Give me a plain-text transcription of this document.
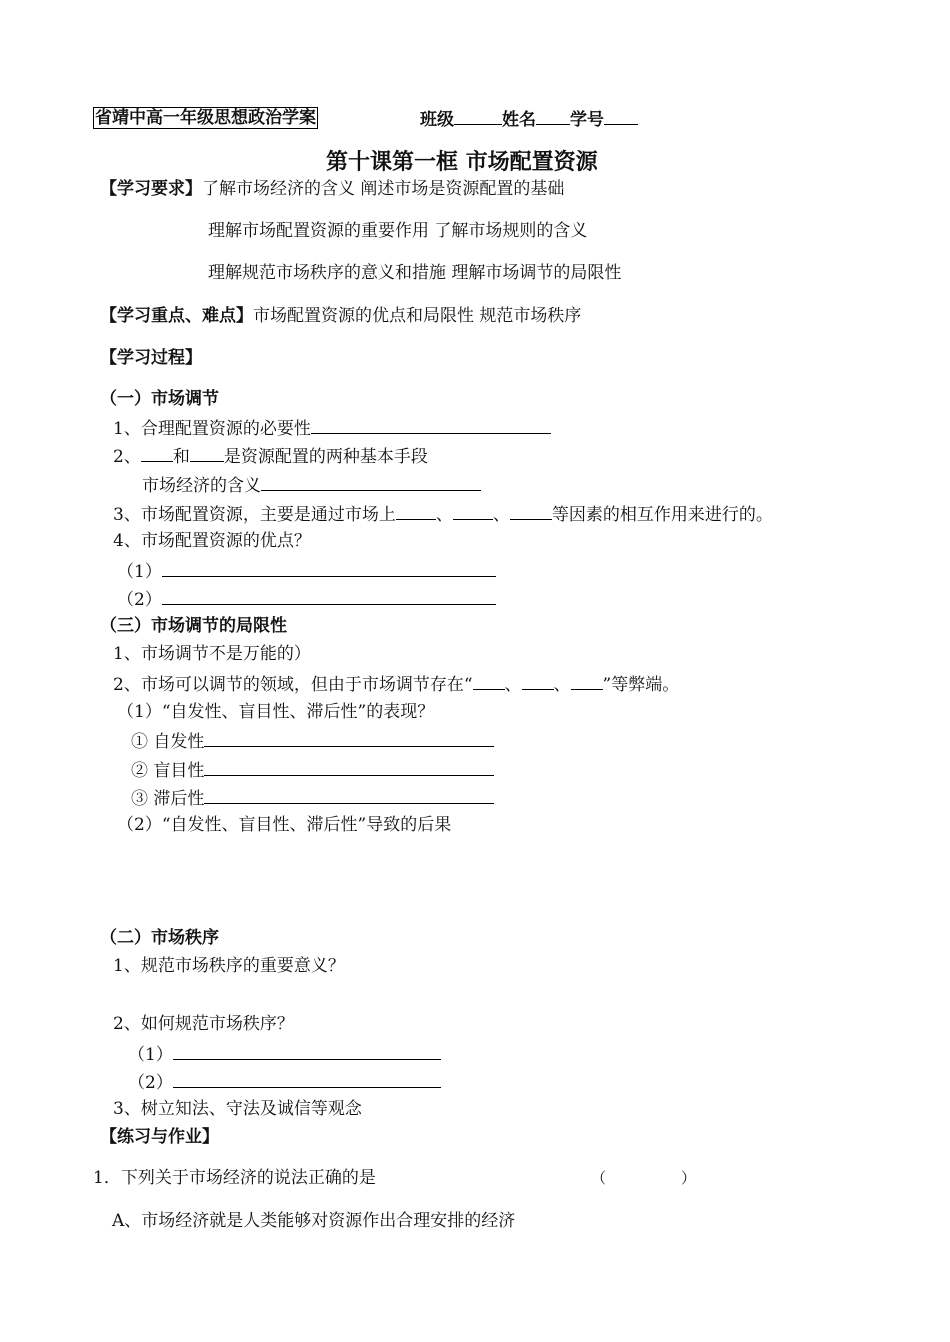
省靖中高一年级思想政治学案	班级	姓名 学号
第十课第一框 市场配置资源
【学习要求】了解市场经济的含义 阐述市场是资源配置的基础
理解市场配置资源的重要作用 了解市场规则的含义
理解规范市场秩序的意义和措施 理解市场调节的局限性
【学习重点、难点】市场配置资源的优点和局限性 规范市场秩序
【学习过程】
（一）市场调节
1、合理配置资源的必要性
2、 和 是资源配置的两种基本手段
市场经济的含义
3、市场配置资源，主要是通过市场上 、 、 等因素的相互作用来进行的。
4、市场配置资源的优点？
（1）
（2）
（三）市场调节的局限性
1、市场调节不是万能的）
2、市场可以调节的领域，但由于市场调节存在“ 、 、 ”等弊端。
（1）“自发性、盲目性、滞后性”的表现？
① 自发性
② 盲目性
③ 滞后性
（2）“自发性、盲目性、滞后性”导致的后果
（二）市场秩序
1、规范市场秩序的重要意义？
2、如何规范市场秩序？
（1）
（2）
3、树立知法、守法及诚信等观念
【练习与作业】
1．下列关于市场经济的说法正确的是	（	）
A、市场经济就是人类能够对资源作出合理安排的经济
